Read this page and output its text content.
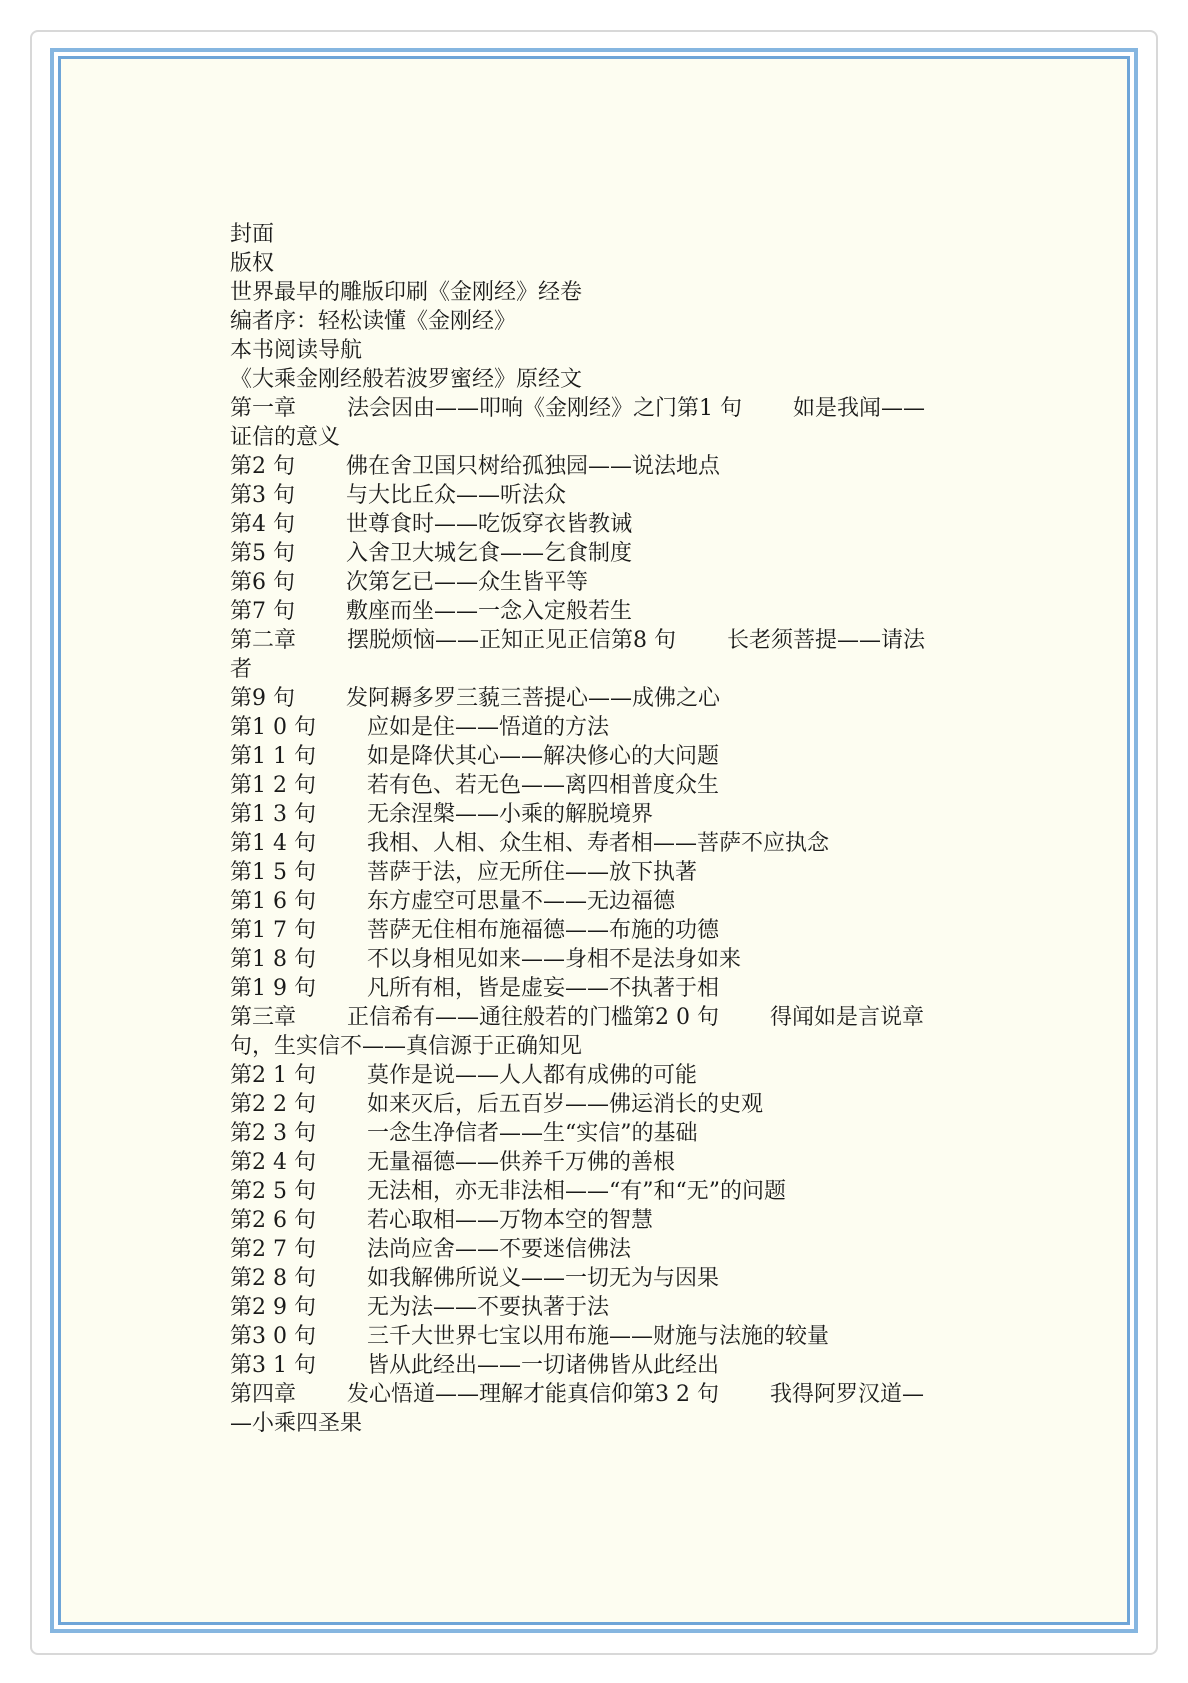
封面
版权
世界最早的雕版印刷《金刚经》经卷
编者序：轻松读懂《金刚经》
本书阅读导航
《大乘金刚经般若波罗蜜经》原经文
第一章 　　法会因由——叩响《金刚经》之门第1 句 　　如是我闻——
证信的意义
第2 句 　　佛在舍卫国只树给孤独园——说法地点
第3 句 　　与大比丘众——听法众
第4 句 　　世尊食时——吃饭穿衣皆教诫
第5 句 　　入舍卫大城乞食——乞食制度
第6 句 　　次第乞已——众生皆平等
第7 句 　　敷座而坐——一念入定般若生
第二章 　　摆脱烦恼——正知正见正信第8 句 　　长老须菩提——请法
者
第9 句 　　发阿耨多罗三藐三菩提心——成佛之心
第1 0 句 　　应如是住——悟道的方法
第1 1 句 　　如是降伏其心——解决修心的大问题
第1 2 句 　　若有色、若无色——离四相普度众生
第1 3 句 　　无余涅槃——小乘的解脱境界
第1 4 句 　　我相、人相、众生相、寿者相——菩萨不应执念
第1 5 句 　　菩萨于法，应无所住——放下执著
第1 6 句 　　东方虚空可思量不——无边福德
第1 7 句 　　菩萨无住相布施福德——布施的功德
第1 8 句 　　不以身相见如来——身相不是法身如来
第1 9 句 　　凡所有相，皆是虚妄——不执著于相
第三章 　　正信希有——通往般若的门槛第2 0 句 　　得闻如是言说章
句，生实信不——真信源于正确知见
第2 1 句 　　莫作是说——人人都有成佛的可能
第2 2 句 　　如来灭后，后五百岁——佛运消长的史观
第2 3 句 　　一念生净信者——生“实信”的基础
第2 4 句 　　无量福德——供养千万佛的善根
第2 5 句 　　无法相，亦无非法相——“有”和“无”的问题
第2 6 句 　　若心取相——万物本空的智慧
第2 7 句 　　法尚应舍——不要迷信佛法
第2 8 句 　　如我解佛所说义——一切无为与因果
第2 9 句 　　无为法——不要执著于法
第3 0 句 　　三千大世界七宝以用布施——财施与法施的较量
第3 1 句 　　皆从此经出——一切诸佛皆从此经出
第四章 　　发心悟道——理解才能真信仰第3 2 句 　　我得阿罗汉道—
—小乘四圣果
